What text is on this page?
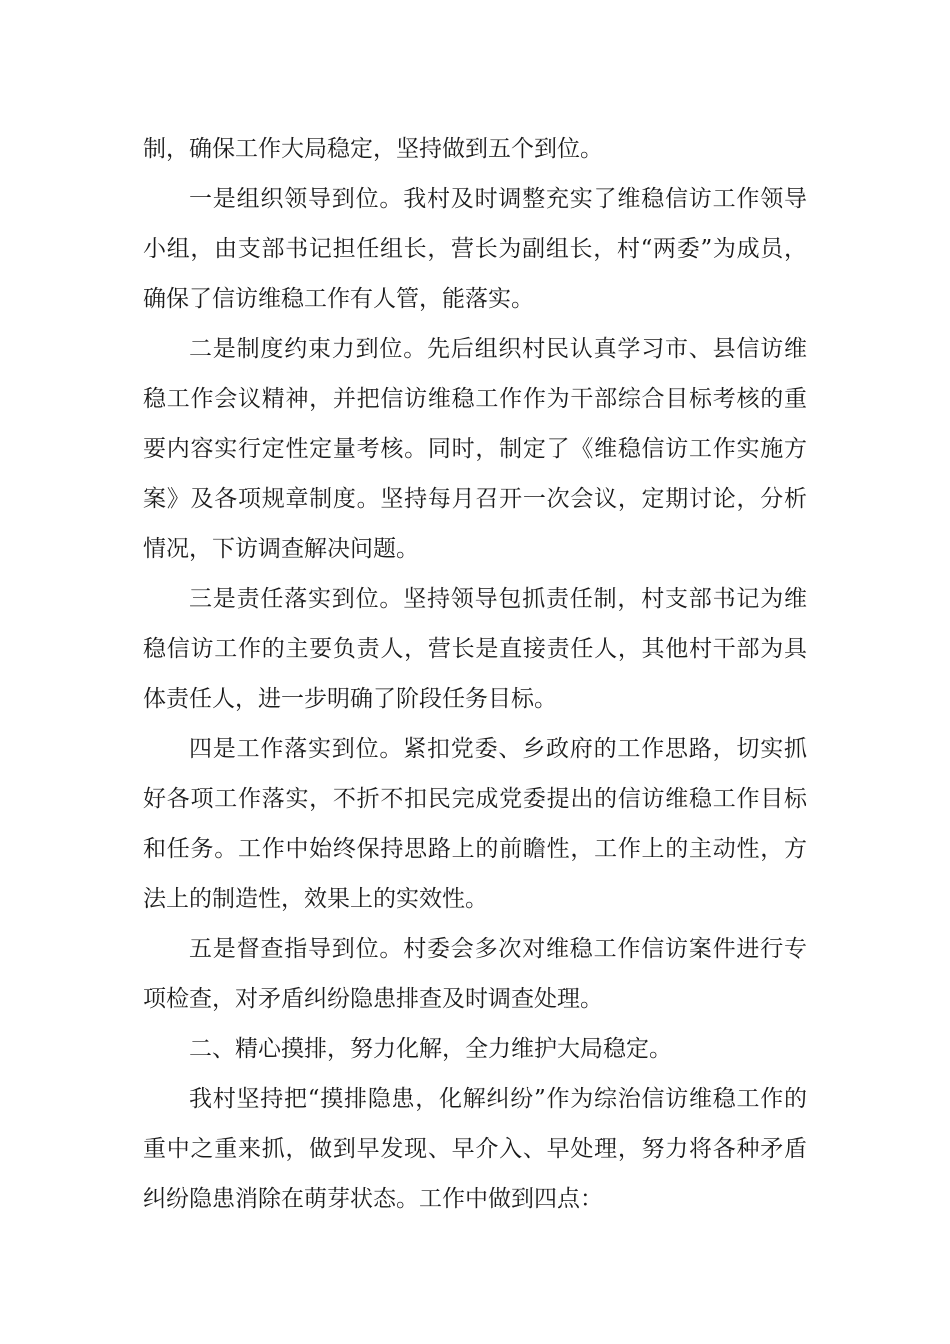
制，确保工作大局稳定，坚持做到五个到位。

一是组织领导到位。我村及时调整充实了维稳信访工作领导小组，由支部书记担任组长，营长为副组长，村“两委”为成员，确保了信访维稳工作有人管，能落实。

二是制度约束力到位。先后组织村民认真学习市、县信访维稳工作会议精神，并把信访维稳工作作为干部综合目标考核的重要内容实行定性定量考核。同时，制定了《维稳信访工作实施方案》及各项规章制度。坚持每月召开一次会议，定期讨论，分析情况，下访调查解决问题。

三是责任落实到位。坚持领导包抓责任制，村支部书记为维稳信访工作的主要负责人，营长是直接责任人，其他村干部为具体责任人，进一步明确了阶段任务目标。

四是工作落实到位。紧扣党委、乡政府的工作思路，切实抓好各项工作落实，不折不扣民完成党委提出的信访维稳工作目标和任务。工作中始终保持思路上的前瞻性，工作上的主动性，方法上的制造性，效果上的实效性。

五是督查指导到位。村委会多次对维稳工作信访案件进行专项检查，对矛盾纠纷隐患排查及时调查处理。

二、精心摸排，努力化解，全力维护大局稳定。

我村坚持把“摸排隐患，化解纠纷”作为综治信访维稳工作的重中之重来抓，做到早发现、早介入、早处理，努力将各种矛盾纠纷隐患消除在萌芽状态。工作中做到四点：
